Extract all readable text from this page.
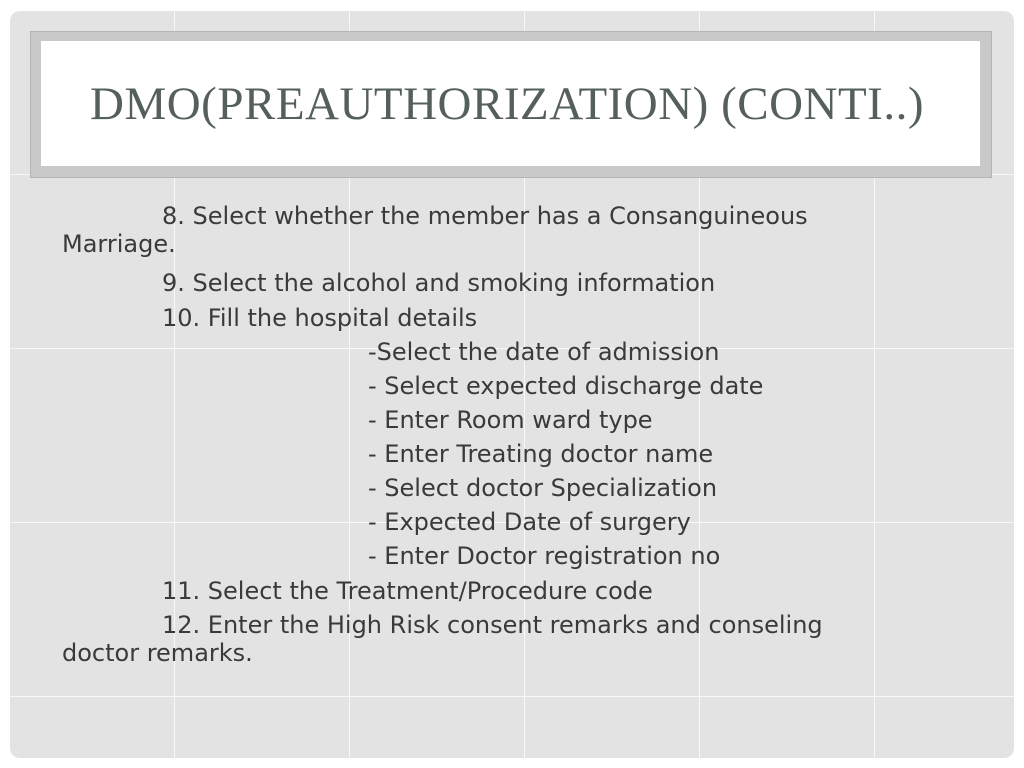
DMO(PREAUTHORIZATION) (CONTI..)
8. Select whether the member has a Consanguineous
Marriage.
9. Select the alcohol and smoking information
10. Fill the hospital details
-Select the date of admission
- Select expected discharge date
- Enter Room ward type
- Enter Treating doctor name
- Select doctor Specialization
- Expected Date of surgery
- Enter Doctor registration no
11. Select the Treatment/Procedure code
12. Enter the High Risk consent remarks and conseling
doctor remarks.
